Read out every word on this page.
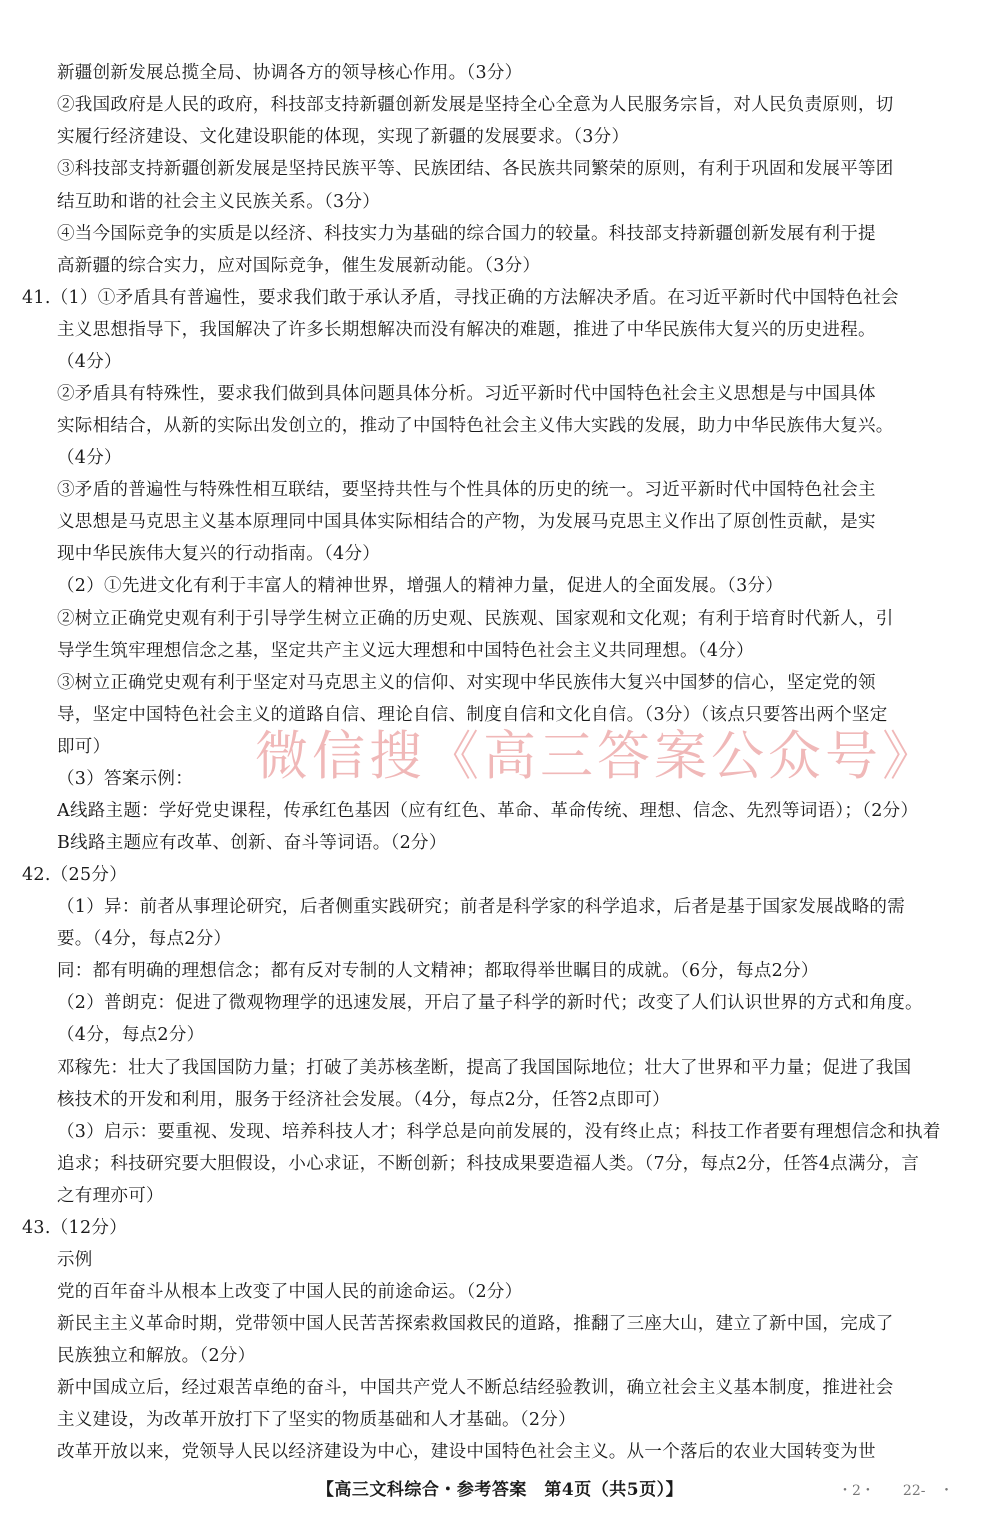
新疆创新发展总揽全局、协调各方的领导核心作用。（3分）
②我国政府是人民的政府，科技部支持新疆创新发展是坚持全心全意为人民服务宗旨，对人民负责原则，切
实履行经济建设、文化建设职能的体现，实现了新疆的发展要求。（3分）
③科技部支持新疆创新发展是坚持民族平等、民族团结、各民族共同繁荣的原则，有利于巩固和发展平等团
结互助和谐的社会主义民族关系。（3分）
④当今国际竞争的实质是以经济、科技实力为基础的综合国力的较量。科技部支持新疆创新发展有利于提
高新疆的综合实力，应对国际竞争，催生发展新动能。（3分）
41.（1）①矛盾具有普遍性，要求我们敢于承认矛盾，寻找正确的方法解决矛盾。在习近平新时代中国特色社会
主义思想指导下，我国解决了许多长期想解决而没有解决的难题，推进了中华民族伟大复兴的历史进程。
（4分）
②矛盾具有特殊性，要求我们做到具体问题具体分析。习近平新时代中国特色社会主义思想是与中国具体
实际相结合，从新的实际出发创立的，推动了中国特色社会主义伟大实践的发展，助力中华民族伟大复兴。
（4分）
③矛盾的普遍性与特殊性相互联结，要坚持共性与个性具体的历史的统一。习近平新时代中国特色社会主
义思想是马克思主义基本原理同中国具体实际相结合的产物，为发展马克思主义作出了原创性贡献，是实
现中华民族伟大复兴的行动指南。（4分）
（2）①先进文化有利于丰富人的精神世界，增强人的精神力量，促进人的全面发展。（3分）
②树立正确党史观有利于引导学生树立正确的历史观、民族观、国家观和文化观；有利于培育时代新人，引
导学生筑牢理想信念之基，坚定共产主义远大理想和中国特色社会主义共同理想。（4分）
③树立正确党史观有利于坚定对马克思主义的信仰、对实现中华民族伟大复兴中国梦的信心，坚定党的领
导，坚定中国特色社会主义的道路自信、理论自信、制度自信和文化自信。（3分）（该点只要答出两个坚定
即可）
（3）答案示例：
A线路主题：学好党史课程，传承红色基因（应有红色、革命、革命传统、理想、信念、先烈等词语）；（2分）
B线路主题应有改革、创新、奋斗等词语。（2分）
42.（25分）
（1）异：前者从事理论研究，后者侧重实践研究；前者是科学家的科学追求，后者是基于国家发展战略的需
要。（4分，每点2分）
同：都有明确的理想信念；都有反对专制的人文精神；都取得举世瞩目的成就。（6分，每点2分）
（2）普朗克：促进了微观物理学的迅速发展，开启了量子科学的新时代；改变了人们认识世界的方式和角度。
（4分，每点2分）
邓稼先：壮大了我国国防力量；打破了美苏核垄断，提高了我国国际地位；壮大了世界和平力量；促进了我国
核技术的开发和利用，服务于经济社会发展。（4分，每点2分，任答2点即可）
（3）启示：要重视、发现、培养科技人才；科学总是向前发展的，没有终止点；科技工作者要有理想信念和执着
追求；科技研究要大胆假设，小心求证，不断创新；科技成果要造福人类。（7分，每点2分，任答4点满分，言
之有理亦可）
43.（12分）
示例
党的百年奋斗从根本上改变了中国人民的前途命运。（2分）
新民主主义革命时期，党带领中国人民苦苦探索救国救民的道路，推翻了三座大山，建立了新中国，完成了
民族独立和解放。（2分）
新中国成立后，经过艰苦卓绝的奋斗，中国共产党人不断总结经验教训，确立社会主义基本制度，推进社会
主义建设，为改革开放打下了坚实的物质基础和人才基础。（2分）
改革开放以来，党领导人民以经济建设为中心，建设中国特色社会主义。从一个落后的农业大国转变为世
微信搜《高三答案公众号》
【高三文科综合・参考答案　第4页（共5页）】	・2・　　22-　・
